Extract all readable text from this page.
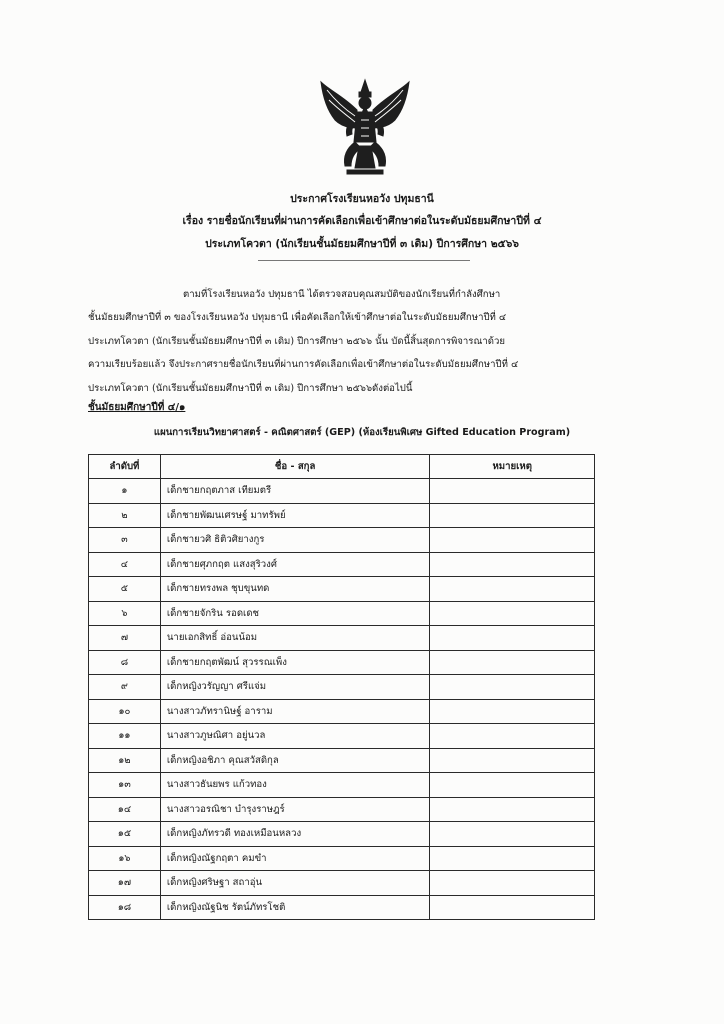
ประกาศโรงเรียนหอวัง ปทุมธานี
เรื่อง รายชื่อนักเรียนที่ผ่านการคัดเลือกเพื่อเข้าศึกษาต่อในระดับมัธยมศึกษาปีที่ ๔
ประเภทโควตา (นักเรียนชั้นมัธยมศึกษาปีที่ ๓ เดิม) ปีการศึกษา ๒๕๖๖
ตามที่โรงเรียนหอวัง ปทุมธานี ได้ตรวจสอบคุณสมบัติของนักเรียนที่กำลังศึกษา
ชั้นมัธยมศึกษาปีที่ ๓ ของโรงเรียนหอวัง ปทุมธานี เพื่อคัดเลือกให้เข้าศึกษาต่อในระดับมัธยมศึกษาปีที่ ๔
ประเภทโควตา (นักเรียนชั้นมัธยมศึกษาปีที่ ๓ เดิม) ปีการศึกษา ๒๕๖๖ นั้น บัดนี้สิ้นสุดการพิจารณาด้วย
ความเรียบร้อยแล้ว จึงประกาศรายชื่อนักเรียนที่ผ่านการคัดเลือกเพื่อเข้าศึกษาต่อในระดับมัธยมศึกษาปีที่ ๔
ประเภทโควตา (นักเรียนชั้นมัธยมศึกษาปีที่ ๓ เดิม) ปีการศึกษา ๒๕๖๖ดังต่อไปนี้
ชั้นมัธยมศึกษาปีที่ ๔/๑
แผนการเรียนวิทยาศาสตร์ - คณิตศาสตร์ (GEP) (ห้องเรียนพิเศษ Gifted Education Program)
ลำดับที่	ชื่อ - สกุล	หมายเหตุ
๑	เด็กชายกฤตภาส เทียมตรี	
๒	เด็กชายพัฒนเศรษฐ์ มาทรัพย์	
๓	เด็กชายวศิ ธิติวศิยางกูร	
๔	เด็กชายศุภกฤต แสงสุริวงศ์	
๕	เด็กชายทรงพล ชุบขุนทด	
๖	เด็กชายจักริน รอดเดช	
๗	นายเอกสิทธิ์ อ่อนน้อม	
๘	เด็กชายกฤตพัฒน์ สุวรรณเพ็ง	
๙	เด็กหญิงวรัญญา ศรีแจ่ม	
๑๐	นางสาวภัทรานิษฐ์ อาราม	
๑๑	นางสาวภูษณิศา อยู่นวล	
๑๒	เด็กหญิงอชิภา คุณสวัสดิกุล	
๑๓	นางสาวธันยพร แก้วทอง	
๑๔	นางสาวอรณิชา บำรุงราษฎร์	
๑๕	เด็กหญิงภัทรวดี ทองเหมือนหลวง	
๑๖	เด็กหญิงณัฐกฤตา คมขำ	
๑๗	เด็กหญิงศริษฐา สถาอุ่น	
๑๘	เด็กหญิงณัฐนิช รัตน์ภัทรโชติ	
